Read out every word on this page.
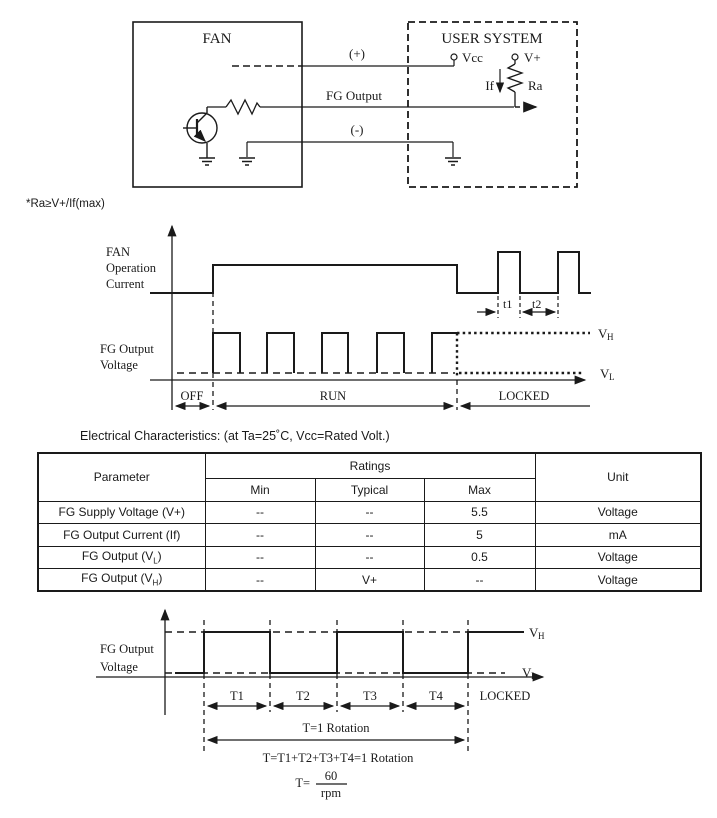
FAN	USER SYSTEM
(+)	Vcc	V+
If	Ra
FG Output
(-)
*Ra≥V+/If(max)
t1 t2
FAN
Operation
Current
FG Output
Voltage
V H
V L
OFF	RUN	LOCKED
Electrical Characteristics: (at Ta=25˚C, Vcc=Rated Volt.)
Parameter	Ratings			Unit
	Min	Typical	Max	
FG Supply Voltage (V+)	--	--	5.5	Voltage
FG Output Current (If)	--	--	5	mA
FG Output $(V_L)$	--	--	0.5	Voltage
FG Output $(V_H)$	--	V+	--	Voltage
FG Output
Voltage
V H
V L
T1	T2	T3	T4	LOCKED
T=1 Rotation
T=T1+T2+T3+T4=1 Rotation
T= 60
rpm
